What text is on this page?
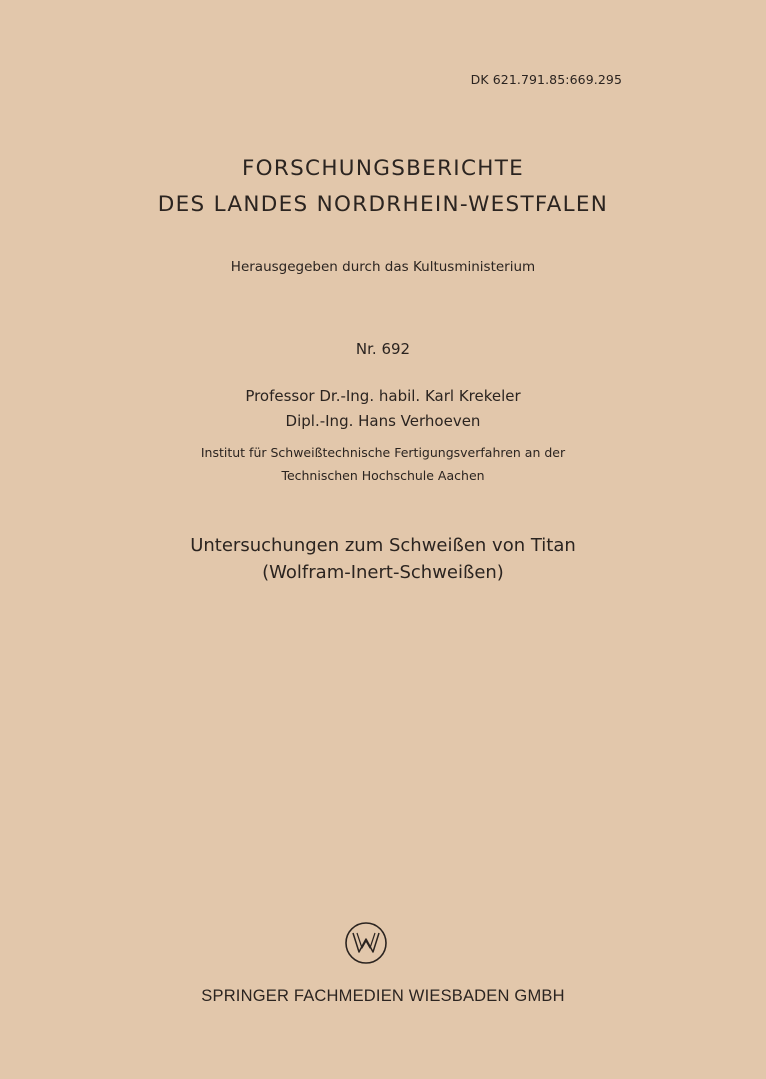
DK 621.791.85:669.295
FORSCHUNGSBERICHTE
DES LANDES NORDRHEIN-WESTFALEN
Herausgegeben durch das Kultusministerium
Nr. 692
Professor Dr.-Ing. habil. Karl Krekeler
Dipl.-Ing. Hans Verhoeven
Institut für Schweißtechnische Fertigungsverfahren an der
Technischen Hochschule Aachen
Untersuchungen zum Schweißen von Titan
(Wolfram-Inert-Schweißen)
SPRINGER FACHMEDIEN WIESBADEN GMBH
